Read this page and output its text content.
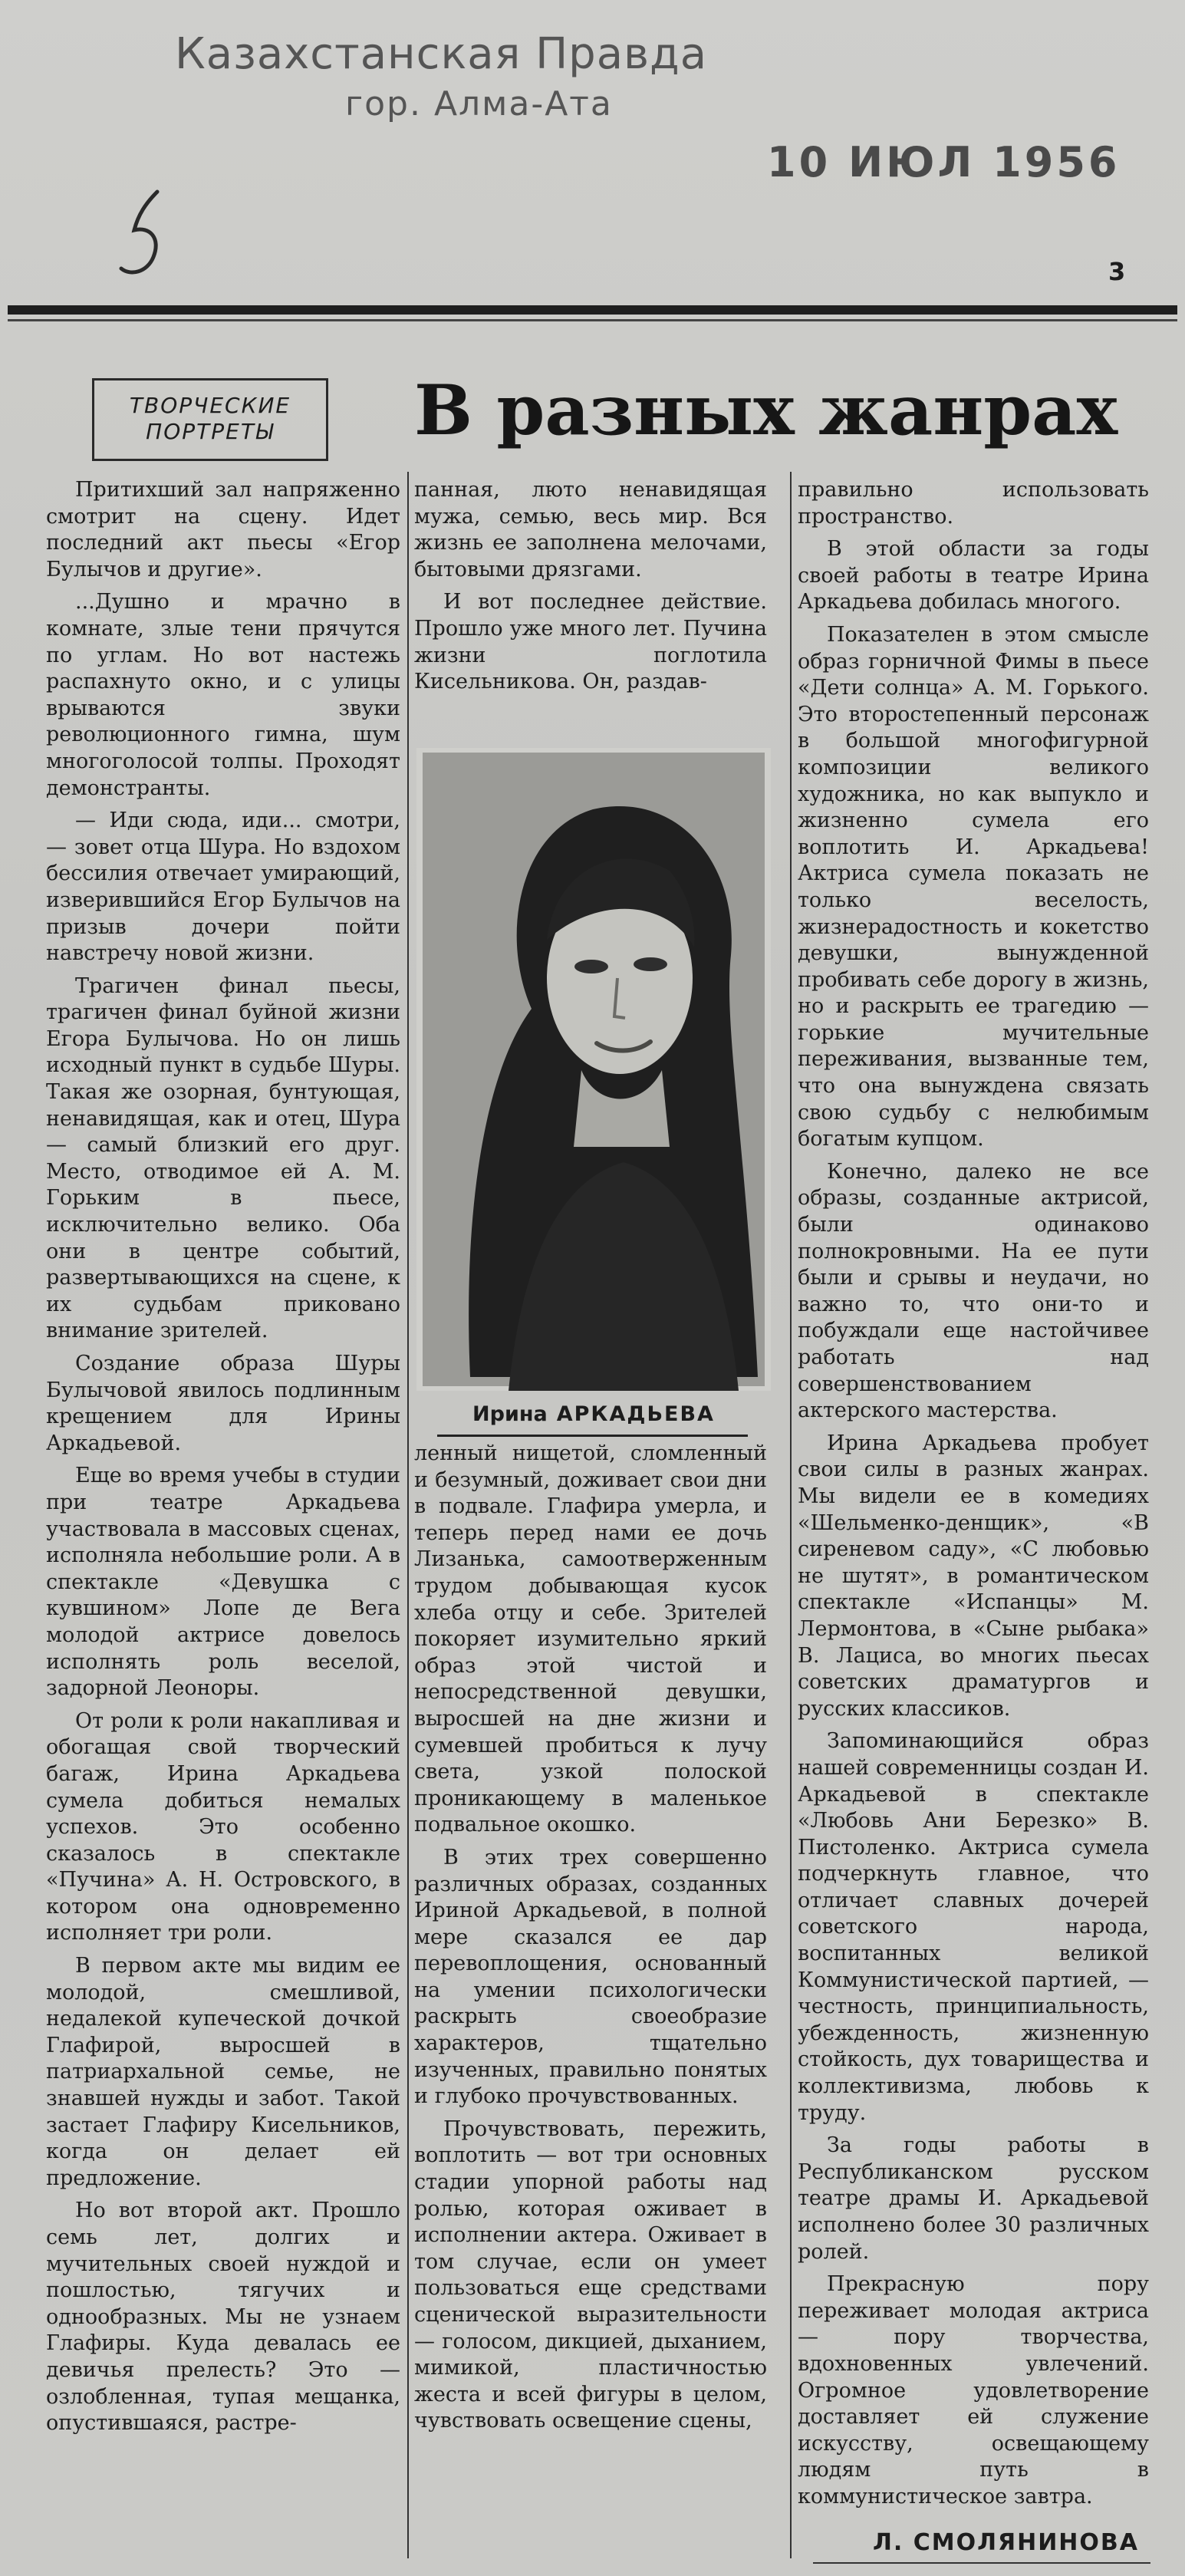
Казахстанская Правда
гор. Алма-Ата
10 ИЮЛ 1956
3
ТВОРЧЕСКИЕ ПОРТРЕТЫ	В разных жанрах

Притихший зал напряженно смотрит на сцену. Идет последний акт пьесы «Егор Булычов и другие».

...Душно и мрачно в комнате, злые тени прячутся по углам. Но вот настежь распахнуто окно, и с улицы врываются звуки революционного гимна, шум многоголосой толпы. Проходят демонстранты.

— Иди сюда, иди... смотри, — зовет отца Шура. Но вздохом бессилия отвечает умирающий, изверившийся Егор Булычов на призыв дочери пойти навстречу новой жизни.

Трагичен финал пьесы, трагичен финал буйной жизни Егора Булычова. Но он лишь исходный пункт в судьбе Шуры. Такая же озорная, бунтующая, ненавидящая, как и отец, Шура — самый близкий его друг. Место, отводимое ей А. М. Горьким в пьесе, исключительно велико. Оба они в центре событий, развертывающихся на сцене, к их судьбам приковано внимание зрителей.

Создание образа Шуры Булычовой явилось подлинным крещением для Ирины Аркадьевой.

Еще во время учебы в студии при театре Аркадьева участвовала в массовых сценах, исполняла небольшие роли. А в спектакле «Девушка с кувшином» Лопе де Вега молодой актрисе довелось исполнять роль веселой, задорной Леоноры.

От роли к роли накапливая и обогащая свой творческий багаж, Ирина Аркадьева сумела добиться немалых успехов. Это особенно сказалось в спектакле «Пучина» А. Н. Островского, в котором она одновременно исполняет три роли.

В первом акте мы видим ее молодой, смешливой, недалекой купеческой дочкой Глафирой, выросшей в патриархальной семье, не знавшей нужды и забот. Такой застает Глафиру Кисельников, когда он делает ей предложение.

Но вот второй акт. Прошло семь лет, долгих и мучительных своей нуждой и пошлостью, тягучих и однообразных. Мы не узнаем Глафиры. Куда девалась ее девичья прелесть? Это — озлобленная, тупая мещанка, опустившаяся, растре-

панная, люто ненавидящая мужа, семью, весь мир. Вся жизнь ее заполнена мелочами, бытовыми дрязгами.

И вот последнее действие. Прошло уже много лет. Пучина жизни поглотила Кисельникова. Он, раздав-

Ирина АРКАДЬЕВА

ленный нищетой, сломленный и безумный, доживает свои дни в подвале. Глафира умерла, и теперь перед нами ее дочь Лизанька, самоотверженным трудом добывающая кусок хлеба отцу и себе. Зрителей покоряет изумительно яркий образ этой чистой и непосредственной девушки, выросшей на дне жизни и сумевшей пробиться к лучу света, узкой полоской проникающему в маленькое подвальное окошко.

В этих трех совершенно различных образах, созданных Ириной Аркадьевой, в полной мере сказался ее дар перевоплощения, основанный на умении психологически раскрыть своеобразие характеров, тщательно изученных, правильно понятых и глубоко прочувствованных.

Прочувствовать, пережить, воплотить — вот три основных стадии упорной работы над ролью, которая оживает в исполнении актера. Оживает в том случае, если он умеет пользоваться еще средствами сценической выразительности — голосом, дикцией, дыханием, мимикой, пластичностью жеста и всей фигуры в целом, чувствовать освещение сцены,

правильно использовать пространство.

В этой области за годы своей работы в театре Ирина Аркадьева добилась многого.

Показателен в этом смысле образ горничной Фимы в пьесе «Дети солнца» А. М. Горького. Это второстепенный персонаж в большой многофигурной композиции великого художника, но как выпукло и жизненно сумела его воплотить И. Аркадьева! Актриса сумела показать не только веселость, жизнерадостность и кокетство девушки, вынужденной пробивать себе дорогу в жизнь, но и раскрыть ее трагедию — горькие мучительные переживания, вызванные тем, что она вынуждена связать свою судьбу с нелюбимым богатым купцом.

Конечно, далеко не все образы, созданные актрисой, были одинаково полнокровными. На ее пути были и срывы и неудачи, но важно то, что они-то и побуждали еще настойчивее работать над совершенствованием актерского мастерства.

Ирина Аркадьева пробует свои силы в разных жанрах. Мы видели ее в комедиях «Шельменко-денщик», «В сиреневом саду», «С любовью не шутят», в романтическом спектакле «Испанцы» М. Лермонтова, в «Сыне рыбака» В. Лациса, во многих пьесах советских драматургов и русских классиков.

Запоминающийся образ нашей современницы создан И. Аркадьевой в спектакле «Любовь Ани Березко» В. Пистоленко. Актриса сумела подчеркнуть главное, что отличает славных дочерей советского народа, воспитанных великой Коммунистической партией, — честность, принципиальность, убежденность, жизненную стойкость, дух товарищества и коллективизма, любовь к труду.

За годы работы в Республиканском русском театре драмы И. Аркадьевой исполнено более 30 различных ролей.

Прекрасную пору переживает молодая актриса — пору творчества, вдохновенных увлечений. Огромное удовлетворение доставляет ей служение искусству, освещающему людям путь в коммунистическое завтра.

Л. СМОЛЯНИНОВА
